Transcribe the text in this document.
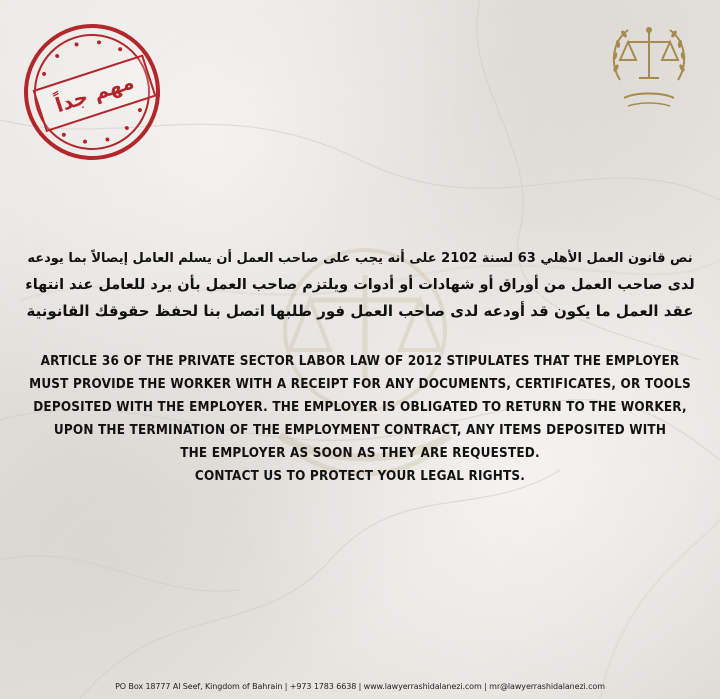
مهم جداً

نص قانون العمل الأهلي 63 لسنة 2102 على أنه يجب على صاحب العمل أن يسلم العامل إيصالاً بما يودعه
لدى صاحب العمل من أوراق أو شهادات أو أدوات ويلتزم صاحب العمل بأن يرد للعامل عند انتهاء
عقد العمل ما يكون قد أودعه لدى صاحب العمل فور طلبها اتصل بنا لحفظ حقوقك القانونية

ARTICLE 36 OF THE PRIVATE SECTOR LABOR LAW OF 2012 STIPULATES THAT THE EMPLOYER
MUST PROVIDE THE WORKER WITH A RECEIPT FOR ANY DOCUMENTS, CERTIFICATES, OR TOOLS
DEPOSITED WITH THE EMPLOYER. THE EMPLOYER IS OBLIGATED TO RETURN TO THE WORKER,
UPON THE TERMINATION OF THE EMPLOYMENT CONTRACT, ANY ITEMS DEPOSITED WITH
THE EMPLOYER AS SOON AS THEY ARE REQUESTED.
CONTACT US TO PROTECT YOUR LEGAL RIGHTS.

PO Box 18777 Al Seef, Kingdom of Bahrain | +973 1783 6638 | www.lawyerrashidalanezi.com | mr@lawyerrashidalanezi.com
